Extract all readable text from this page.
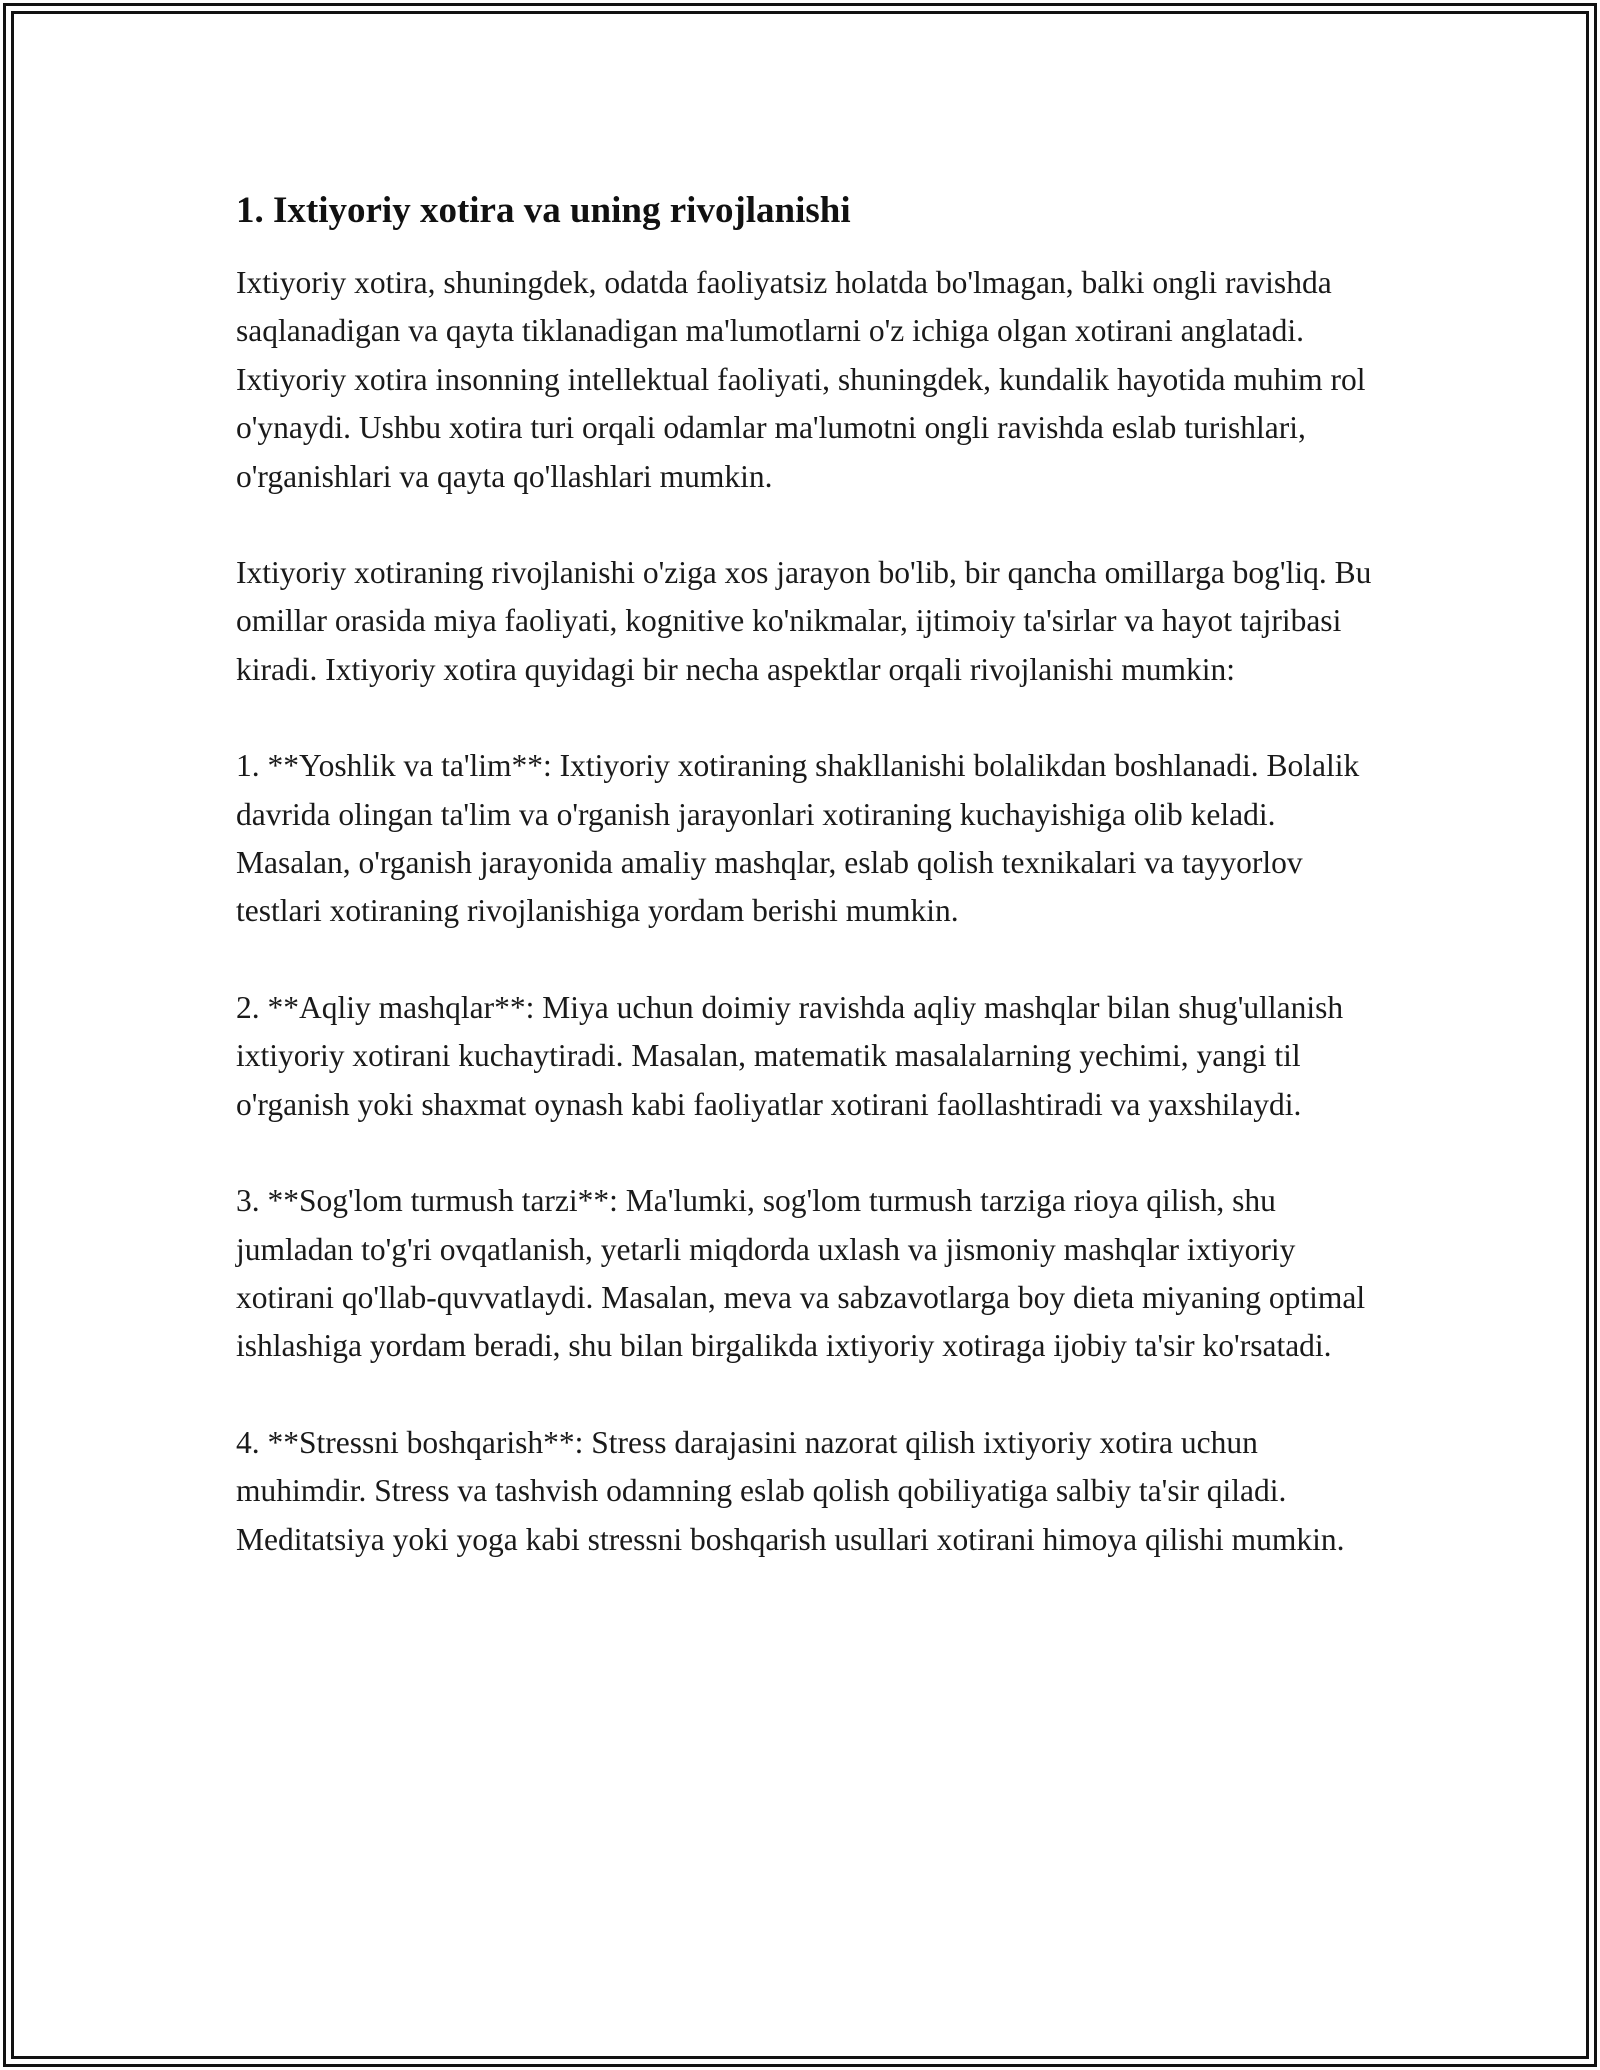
1. Ixtiyoriy xotira va uning rivojlanishi

Ixtiyoriy xotira, shuningdek, odatda faoliyatsiz holatda bo'lmagan, balki ongli ravishda saqlanadigan va qayta tiklanadigan ma'lumotlarni o'z ichiga olgan xotirani anglatadi. Ixtiyoriy xotira insonning intellektual faoliyati, shuningdek, kundalik hayotida muhim rol o'ynaydi. Ushbu xotira turi orqali odamlar ma'lumotni ongli ravishda eslab turishlari, o'rganishlari va qayta qo'llashlari mumkin.

Ixtiyoriy xotiraning rivojlanishi o'ziga xos jarayon bo'lib, bir qancha omillarga bog'liq. Bu omillar orasida miya faoliyati, kognitive ko'nikmalar, ijtimoiy ta'sirlar va hayot tajribasi kiradi. Ixtiyoriy xotira quyidagi bir necha aspektlar orqali rivojlanishi mumkin:

1. **Yoshlik va ta'lim**: Ixtiyoriy xotiraning shakllanishi bolalikdan boshlanadi. Bolalik davrida olingan ta'lim va o'rganish jarayonlari xotiraning kuchayishiga olib keladi. Masalan, o'rganish jarayonida amaliy mashqlar, eslab qolish texnikalari va tayyorlov testlari xotiraning rivojlanishiga yordam berishi mumkin.

2. **Aqliy mashqlar**: Miya uchun doimiy ravishda aqliy mashqlar bilan shug'ullanish ixtiyoriy xotirani kuchaytiradi. Masalan, matematik masalalarning yechimi, yangi til o'rganish yoki shaxmat oynash kabi faoliyatlar xotirani faollashtiradi va yaxshilaydi.

3. **Sog'lom turmush tarzi**: Ma'lumki, sog'lom turmush tarziga rioya qilish, shu jumladan to'g'ri ovqatlanish, yetarli miqdorda uxlash va jismoniy mashqlar ixtiyoriy xotirani qo'llab-quvvatlaydi. Masalan, meva va sabzavotlarga boy dieta miyaning optimal ishlashiga yordam beradi, shu bilan birgalikda ixtiyoriy xotiraga ijobiy ta'sir ko'rsatadi.

4. **Stressni boshqarish**: Stress darajasini nazorat qilish ixtiyoriy xotira uchun muhimdir. Stress va tashvish odamning eslab qolish qobiliyatiga salbiy ta'sir qiladi. Meditatsiya yoki yoga kabi stressni boshqarish usullari xotirani himoya qilishi mumkin.
